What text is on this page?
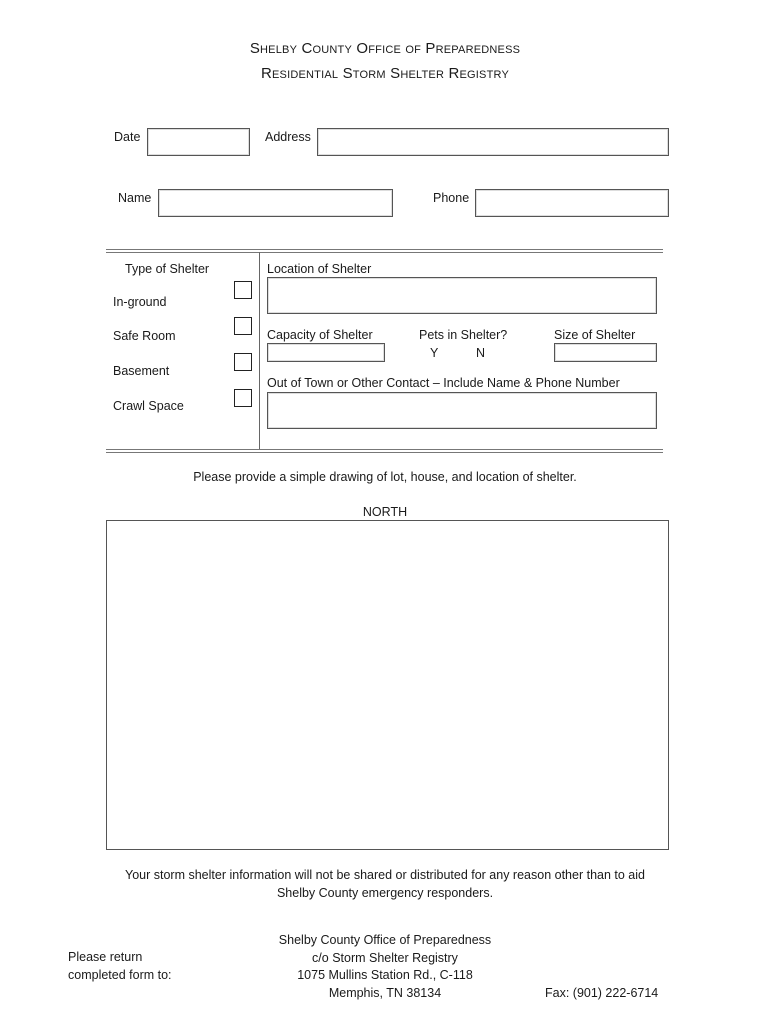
Shelby County Office of Preparedness
Residential Storm Shelter Registry
Date	Address
Name	Phone
Type of Shelter
In-ground
Safe Room
Basement
Crawl Space
Location of Shelter
Capacity of Shelter	Pets in Shelter?
Y	N
Size of Shelter
Out of Town or Other Contact – Include Name & Phone Number
Please provide a simple drawing of lot, house, and location of shelter.
NORTH
Your storm shelter information will not be shared or distributed for any reason other than to aid
Shelby County emergency responders.
Please return
completed form to:
Shelby County Office of Preparedness
c/o Storm Shelter Registry
1075 Mullins Station Rd., C-118
Memphis, TN 38134	Fax: (901) 222-6714
